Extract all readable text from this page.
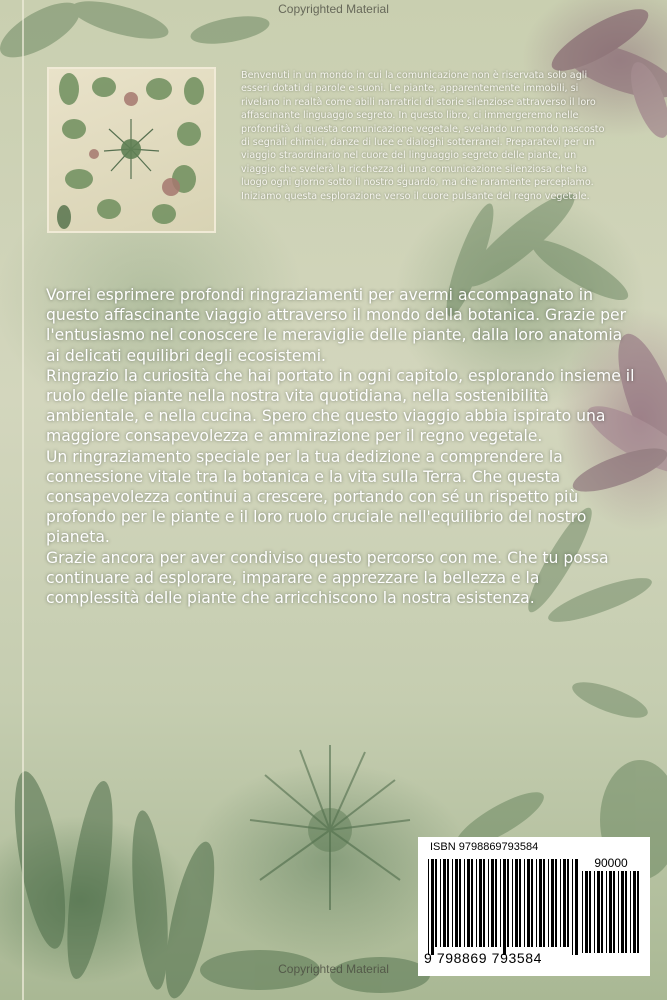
Copyrighted Material
Benvenuti in un mondo in cui la comunicazione non è riservata solo agli esseri dotati di parole e suoni. Le piante, apparentemente immobili, si rivelano in realtà come abili narratrici di storie silenziose attraverso il loro affascinante linguaggio segreto. In questo libro, ci immergeremo nelle profondità di questa comunicazione vegetale, svelando un mondo nascosto di segnali chimici, danze di luce e dialoghi sotterranei. Preparatevi per un viaggio straordinario nel cuore del linguaggio segreto delle piante, un viaggio che svelerà la ricchezza di una comunicazione silenziosa che ha luogo ogni giorno sotto il nostro sguardo, ma che raramente percepiamo. Iniziamo questa esplorazione verso il cuore pulsante del regno vegetale.

Vorrei esprimere profondi ringraziamenti per avermi accompagnato in questo affascinante viaggio attraverso il mondo della botanica. Grazie per l'entusiasmo nel conoscere le meraviglie delle piante, dalla loro anatomia ai delicati equilibri degli ecosistemi.

Ringrazio la curiosità che hai portato in ogni capitolo, esplorando insieme il ruolo delle piante nella nostra vita quotidiana, nella sostenibilità ambientale, e nella cucina. Spero che questo viaggio abbia ispirato una maggiore consapevolezza e ammirazione per il regno vegetale.

Un ringraziamento speciale per la tua dedizione a comprendere la connessione vitale tra la botanica e la vita sulla Terra. Che questa consapevolezza continui a crescere, portando con sé un rispetto più profondo per le piante e il loro ruolo cruciale nell'equilibrio del nostro pianeta.

Grazie ancora per aver condiviso questo percorso con me. Che tu possa continuare ad esplorare, imparare e apprezzare la bellezza e la complessità delle piante che arricchiscono la nostra esistenza.

ISBN 9798869793584
90000
9 798869 793584
Copyrighted Material
